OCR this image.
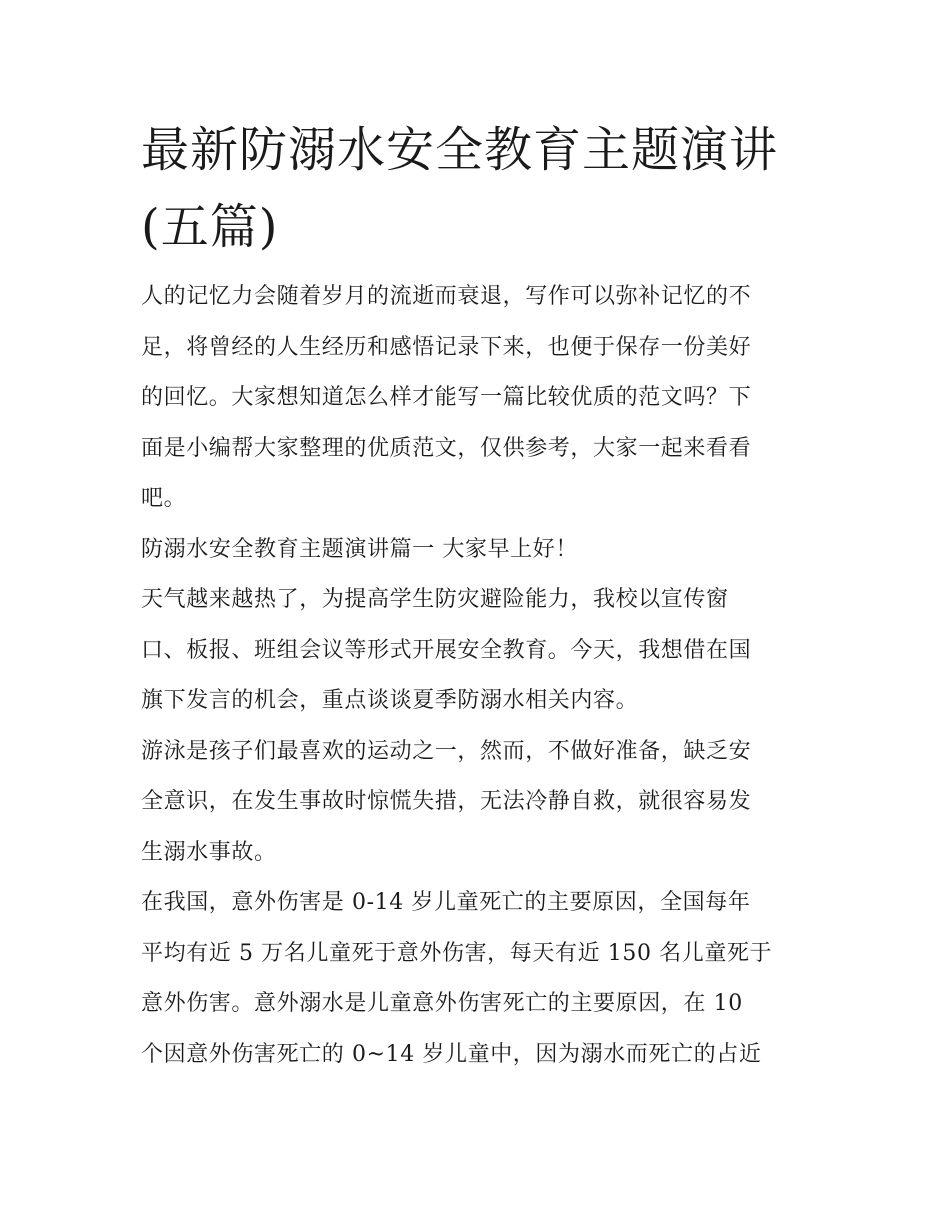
最新防溺水安全教育主题演讲
(五篇)
人的记忆力会随着岁月的流逝而衰退，写作可以弥补记忆的不
足，将曾经的人生经历和感悟记录下来，也便于保存一份美好
的回忆。大家想知道怎么样才能写一篇比较优质的范文吗？下
面是小编帮大家整理的优质范文，仅供参考，大家一起来看看
吧。
防溺水安全教育主题演讲篇一 大家早上好！
天气越来越热了，为提高学生防灾避险能力，我校以宣传窗
口、板报、班组会议等形式开展安全教育。今天，我想借在国
旗下发言的机会，重点谈谈夏季防溺水相关内容。
游泳是孩子们最喜欢的运动之一，然而，不做好准备，缺乏安
全意识，在发生事故时惊慌失措，无法冷静自救，就很容易发
生溺水事故。
在我国，意外伤害是 0-14 岁儿童死亡的主要原因，全国每年
平均有近 5 万名儿童死于意外伤害，每天有近 150 名儿童死于
意外伤害。意外溺水是儿童意外伤害死亡的主要原因，在 10
个因意外伤害死亡的 0~14 岁儿童中，因为溺水而死亡的占近
